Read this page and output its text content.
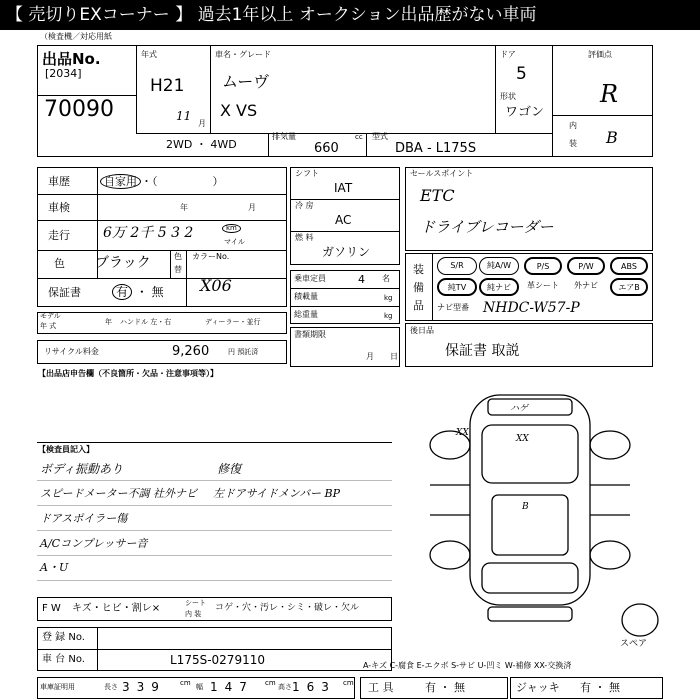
【 売切りEXコーナー 】 過去1年以上 オークション出品歴がない車両
（検査機／対応用紙
出品No.
[2034]
70090
年式
H21
11
月
車名・グレード
ムーヴ
X VS
ドア
5
形状
ワゴン
評価点
R
内
装 B
2WD ・ 4WD
排気量	cc
660
型式
DBA - L175S
車歴	自家用 ・（　　　　　）
車検	年	月
走行 6万 2千 5 3 2	km
マイル
色 ブラック	色
替
カラーNo.
X06
保証書	有 ・ 無
モデル
年 式	年 ハンドル 左・右	ディーラー・並行
リサイクル料金	9,260	円 預託済
シフト
IAT
冷 房
AC
燃 料
ガソリン
乗車定員	4 名
積載量	kg
総重量	kg
書類期限
月 日
セールスポイント
ETC
ドライブレコーダー
装
備
品
S/R	純A/W	P/S	P/W	ABS
純TV	純ナビ	革シート	外ナビ	エアB
ナビ型番 NHDC-W57-P
後日品
保証書 取説
【出品店申告欄（不良箇所・欠品・注意事項等）】
【検査員記入】
ボディ振動あり
スピードメーター不調 社外ナビ
ドアスポイラー傷
A/Cコンプレッサー音
A・U
修復
左ドアサイドメンバー BP
ハゲ
XX
XX
B
スペア
F W キズ・ヒビ・割レ×	シート
内 装
コゲ・穴・汚レ・シミ・破レ・欠ル
登 録 No.
車 台 No.	L175S-0279110	A-キズ C-腐食 E-エクボ S-サビ U-凹ミ W-補修 XX-交換済
車庫証明用	長さ 339 cm 幅 147 cm 高さ 163 cm 工 具	有 ・ 無	ジャッキ 有 ・ 無
